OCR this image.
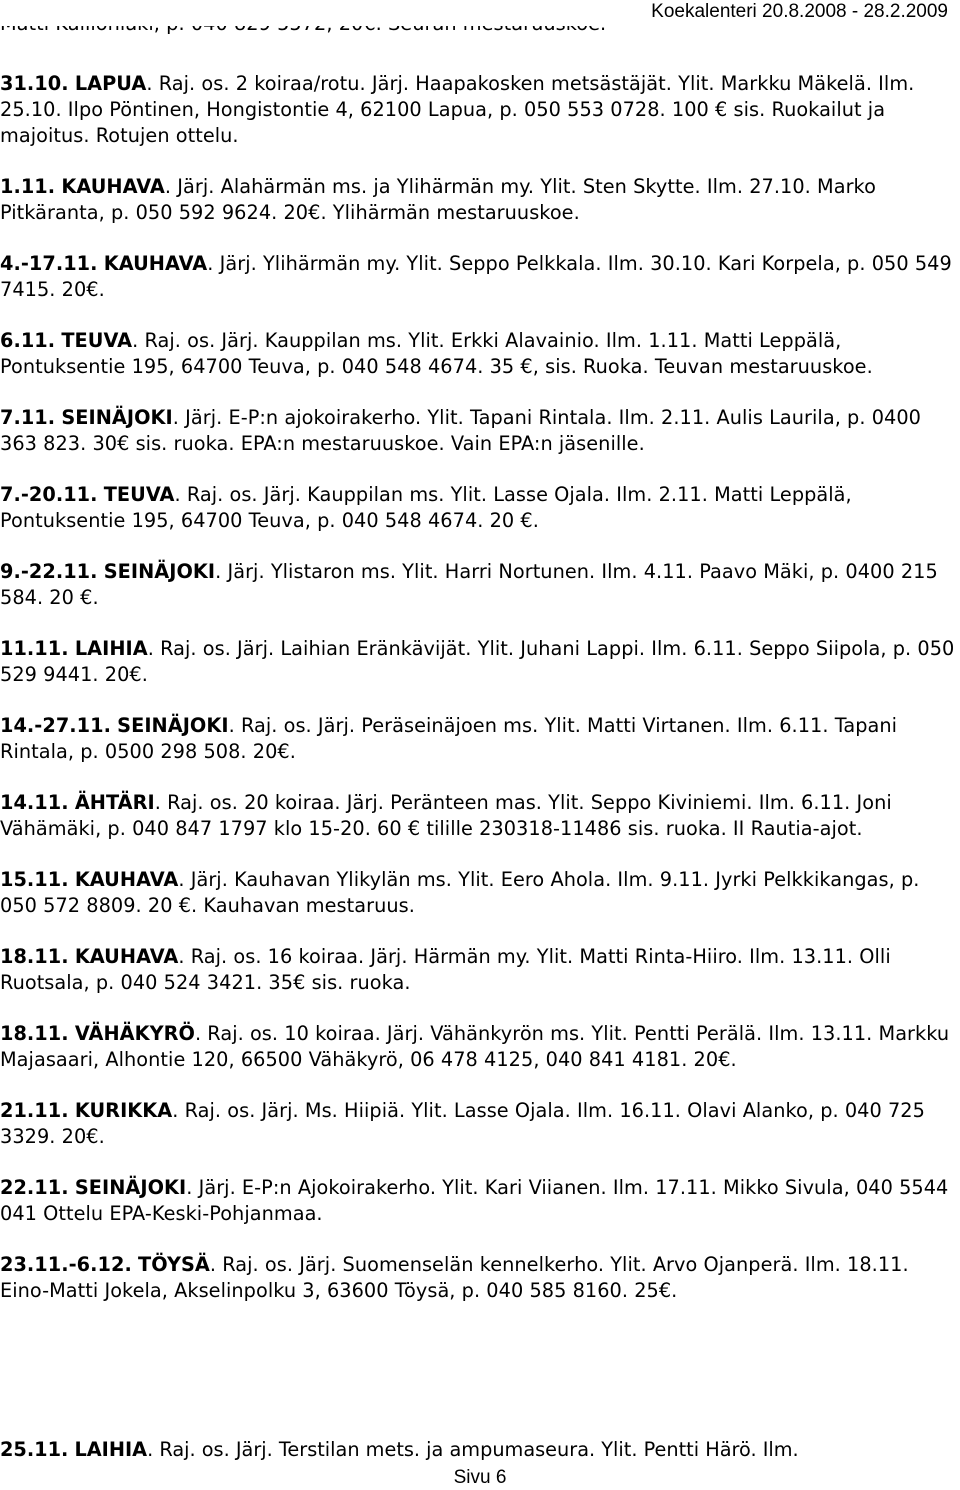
Koekalenteri 20.8.2008 - 28.2.2009

31.10. LAPUA. Raj. os. 2 koiraa/rotu. Järj. Haapakosken metsästäjät. Ylit. Markku Mäkelä. Ilm. 25.10. Ilpo Pöntinen, Hongistontie 4, 62100 Lapua, p. 050 553 0728. 100 € sis. Ruokailut ja majoitus. Rotujen ottelu.

1.11. KAUHAVA. Järj. Alahärmän ms. ja Ylihärmän my. Ylit. Sten Skytte. Ilm. 27.10. Marko Pitkäranta, p. 050 592 9624. 20€. Ylihärmän mestaruuskoe.

4.-17.11. KAUHAVA. Järj. Ylihärmän my. Ylit. Seppo Pelkkala. Ilm. 30.10. Kari Korpela, p. 050 549 7415. 20€.

6.11. TEUVA. Raj. os. Järj. Kauppilan ms. Ylit. Erkki Alavainio. Ilm. 1.11. Matti Leppälä, Pontuksentie 195, 64700 Teuva, p. 040 548 4674. 35 €, sis. Ruoka. Teuvan mestaruuskoe.

7.11. SEINÄJOKI. Järj. E-P:n ajokoirakerho. Ylit. Tapani Rintala. Ilm. 2.11. Aulis Laurila, p. 0400 363 823. 30€ sis. ruoka. EPA:n mestaruuskoe. Vain EPA:n jäsenille.

7.-20.11. TEUVA. Raj. os. Järj. Kauppilan ms. Ylit. Lasse Ojala. Ilm. 2.11. Matti Leppälä, Pontuksentie 195, 64700 Teuva, p. 040 548 4674. 20 €.

9.-22.11. SEINÄJOKI. Järj. Ylistaron ms. Ylit. Harri Nortunen. Ilm. 4.11. Paavo Mäki, p. 0400 215 584. 20 €.

11.11. LAIHIA. Raj. os. Järj. Laihian Eränkävijät. Ylit. Juhani Lappi. Ilm. 6.11. Seppo Siipola, p. 050 529 9441. 20€.

14.-27.11. SEINÄJOKI. Raj. os. Järj. Peräseinäjoen ms. Ylit. Matti Virtanen. Ilm. 6.11. Tapani Rintala, p. 0500 298 508. 20€.

14.11. ÄHTÄRI. Raj. os. 20 koiraa. Järj. Peränteen mas. Ylit. Seppo Kiviniemi. Ilm. 6.11. Joni Vähämäki, p. 040 847 1797 klo 15-20. 60 € tilille 230318-11486 sis. ruoka. II Rautia-ajot.

15.11. KAUHAVA. Järj. Kauhavan Ylikylän ms. Ylit. Eero Ahola. Ilm. 9.11. Jyrki Pelkkikangas, p. 050 572 8809. 20 €. Kauhavan mestaruus.

18.11. KAUHAVA. Raj. os. 16 koiraa. Järj. Härmän my. Ylit. Matti Rinta-Hiiro. Ilm. 13.11. Olli Ruotsala, p. 040 524 3421. 35€ sis. ruoka.

18.11. VÄHÄKYRÖ. Raj. os. 10 koiraa. Järj. Vähänkyrön ms. Ylit. Pentti Perälä. Ilm. 13.11. Markku Majasaari, Alhontie 120, 66500 Vähäkyrö, 06 478 4125, 040 841 4181. 20€.

21.11. KURIKKA. Raj. os. Järj. Ms. Hiipiä. Ylit. Lasse Ojala. Ilm. 16.11. Olavi Alanko, p. 040 725 3329. 20€.

22.11. SEINÄJOKI. Järj. E-P:n Ajokoirakerho. Ylit. Kari Viianen. Ilm. 17.11. Mikko Sivula, 040 5544 041 Ottelu EPA-Keski-Pohjanmaa.

23.11.-6.12. TÖYSÄ. Raj. os. Järj. Suomenselän kennelkerho. Ylit. Arvo Ojanperä. Ilm. 18.11. Eino-Matti Jokela, Akselinpolku 3, 63600 Töysä, p. 040 585 8160. 25€.

25.11. LAIHIA. Raj. os. Järj. Terstilan mets. ja ampumaseura. Ylit. Pentti Härö. Ilm.

Sivu 6
